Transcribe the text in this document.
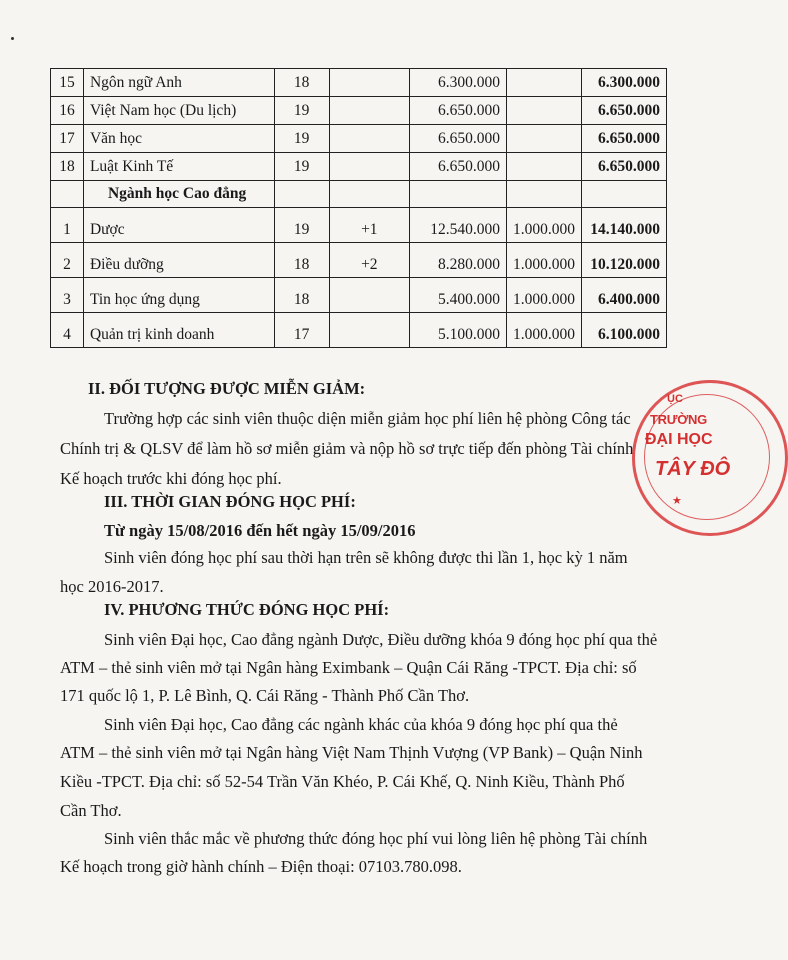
15	Ngôn ngữ Anh	18		6.300.000		6.300.000
16	Việt Nam học (Du lịch)	19		6.650.000		6.650.000
17	Văn học	19		6.650.000		6.650.000
18	Luật Kinh Tế	19		6.650.000		6.650.000
	Ngành học Cao đẳng					
1	Dược	19	+1	12.540.000	1.000.000	14.140.000
2	Điều dưỡng	18	+2	8.280.000	1.000.000	10.120.000
3	Tin học ứng dụng	18		5.400.000	1.000.000	6.400.000
4	Quản trị kinh doanh	17		5.100.000	1.000.000	6.100.000
II. ĐỐI TƯỢNG ĐƯỢC MIỄN GIẢM:
Trường hợp các sinh viên thuộc diện miễn giảm học phí liên hệ phòng Công tác
Chính trị & QLSV để làm hồ sơ miễn giảm và nộp hồ sơ trực tiếp đến phòng Tài chính
Kế hoạch trước khi đóng học phí.
III. THỜI GIAN ĐÓNG HỌC PHÍ:
Từ ngày 15/08/2016 đến hết ngày 15/09/2016
Sinh viên đóng học phí sau thời hạn trên sẽ không được thi lần 1, học kỳ 1 năm
học 2016-2017.
IV. PHƯƠNG THỨC ĐÓNG HỌC PHÍ:
Sinh viên Đại học, Cao đẳng ngành Dược, Điều dưỡng khóa 9 đóng học phí qua thẻ
ATM – thẻ sinh viên mở tại Ngân hàng Eximbank – Quận Cái Răng -TPCT. Địa chỉ: số
171 quốc lộ 1, P. Lê Bình, Q. Cái Răng - Thành Phố Cần Thơ.
Sinh viên Đại học, Cao đẳng các ngành khác của khóa 9 đóng học phí qua thẻ
ATM – thẻ sinh viên mở tại Ngân hàng Việt Nam Thịnh Vượng (VP Bank) – Quận Ninh
Kiều -TPCT. Địa chỉ: số 52-54 Trần Văn Khéo, P. Cái Khế, Q. Ninh Kiều, Thành Phố
Cần Thơ.
Sinh viên thắc mắc về phương thức đóng học phí vui lòng liên hệ phòng Tài chính
Kế hoạch trong giờ hành chính – Điện thoại: 07103.780.098.
ỤC
TRƯỜNG
ĐẠI HỌC
TÂY ĐÔ
★
